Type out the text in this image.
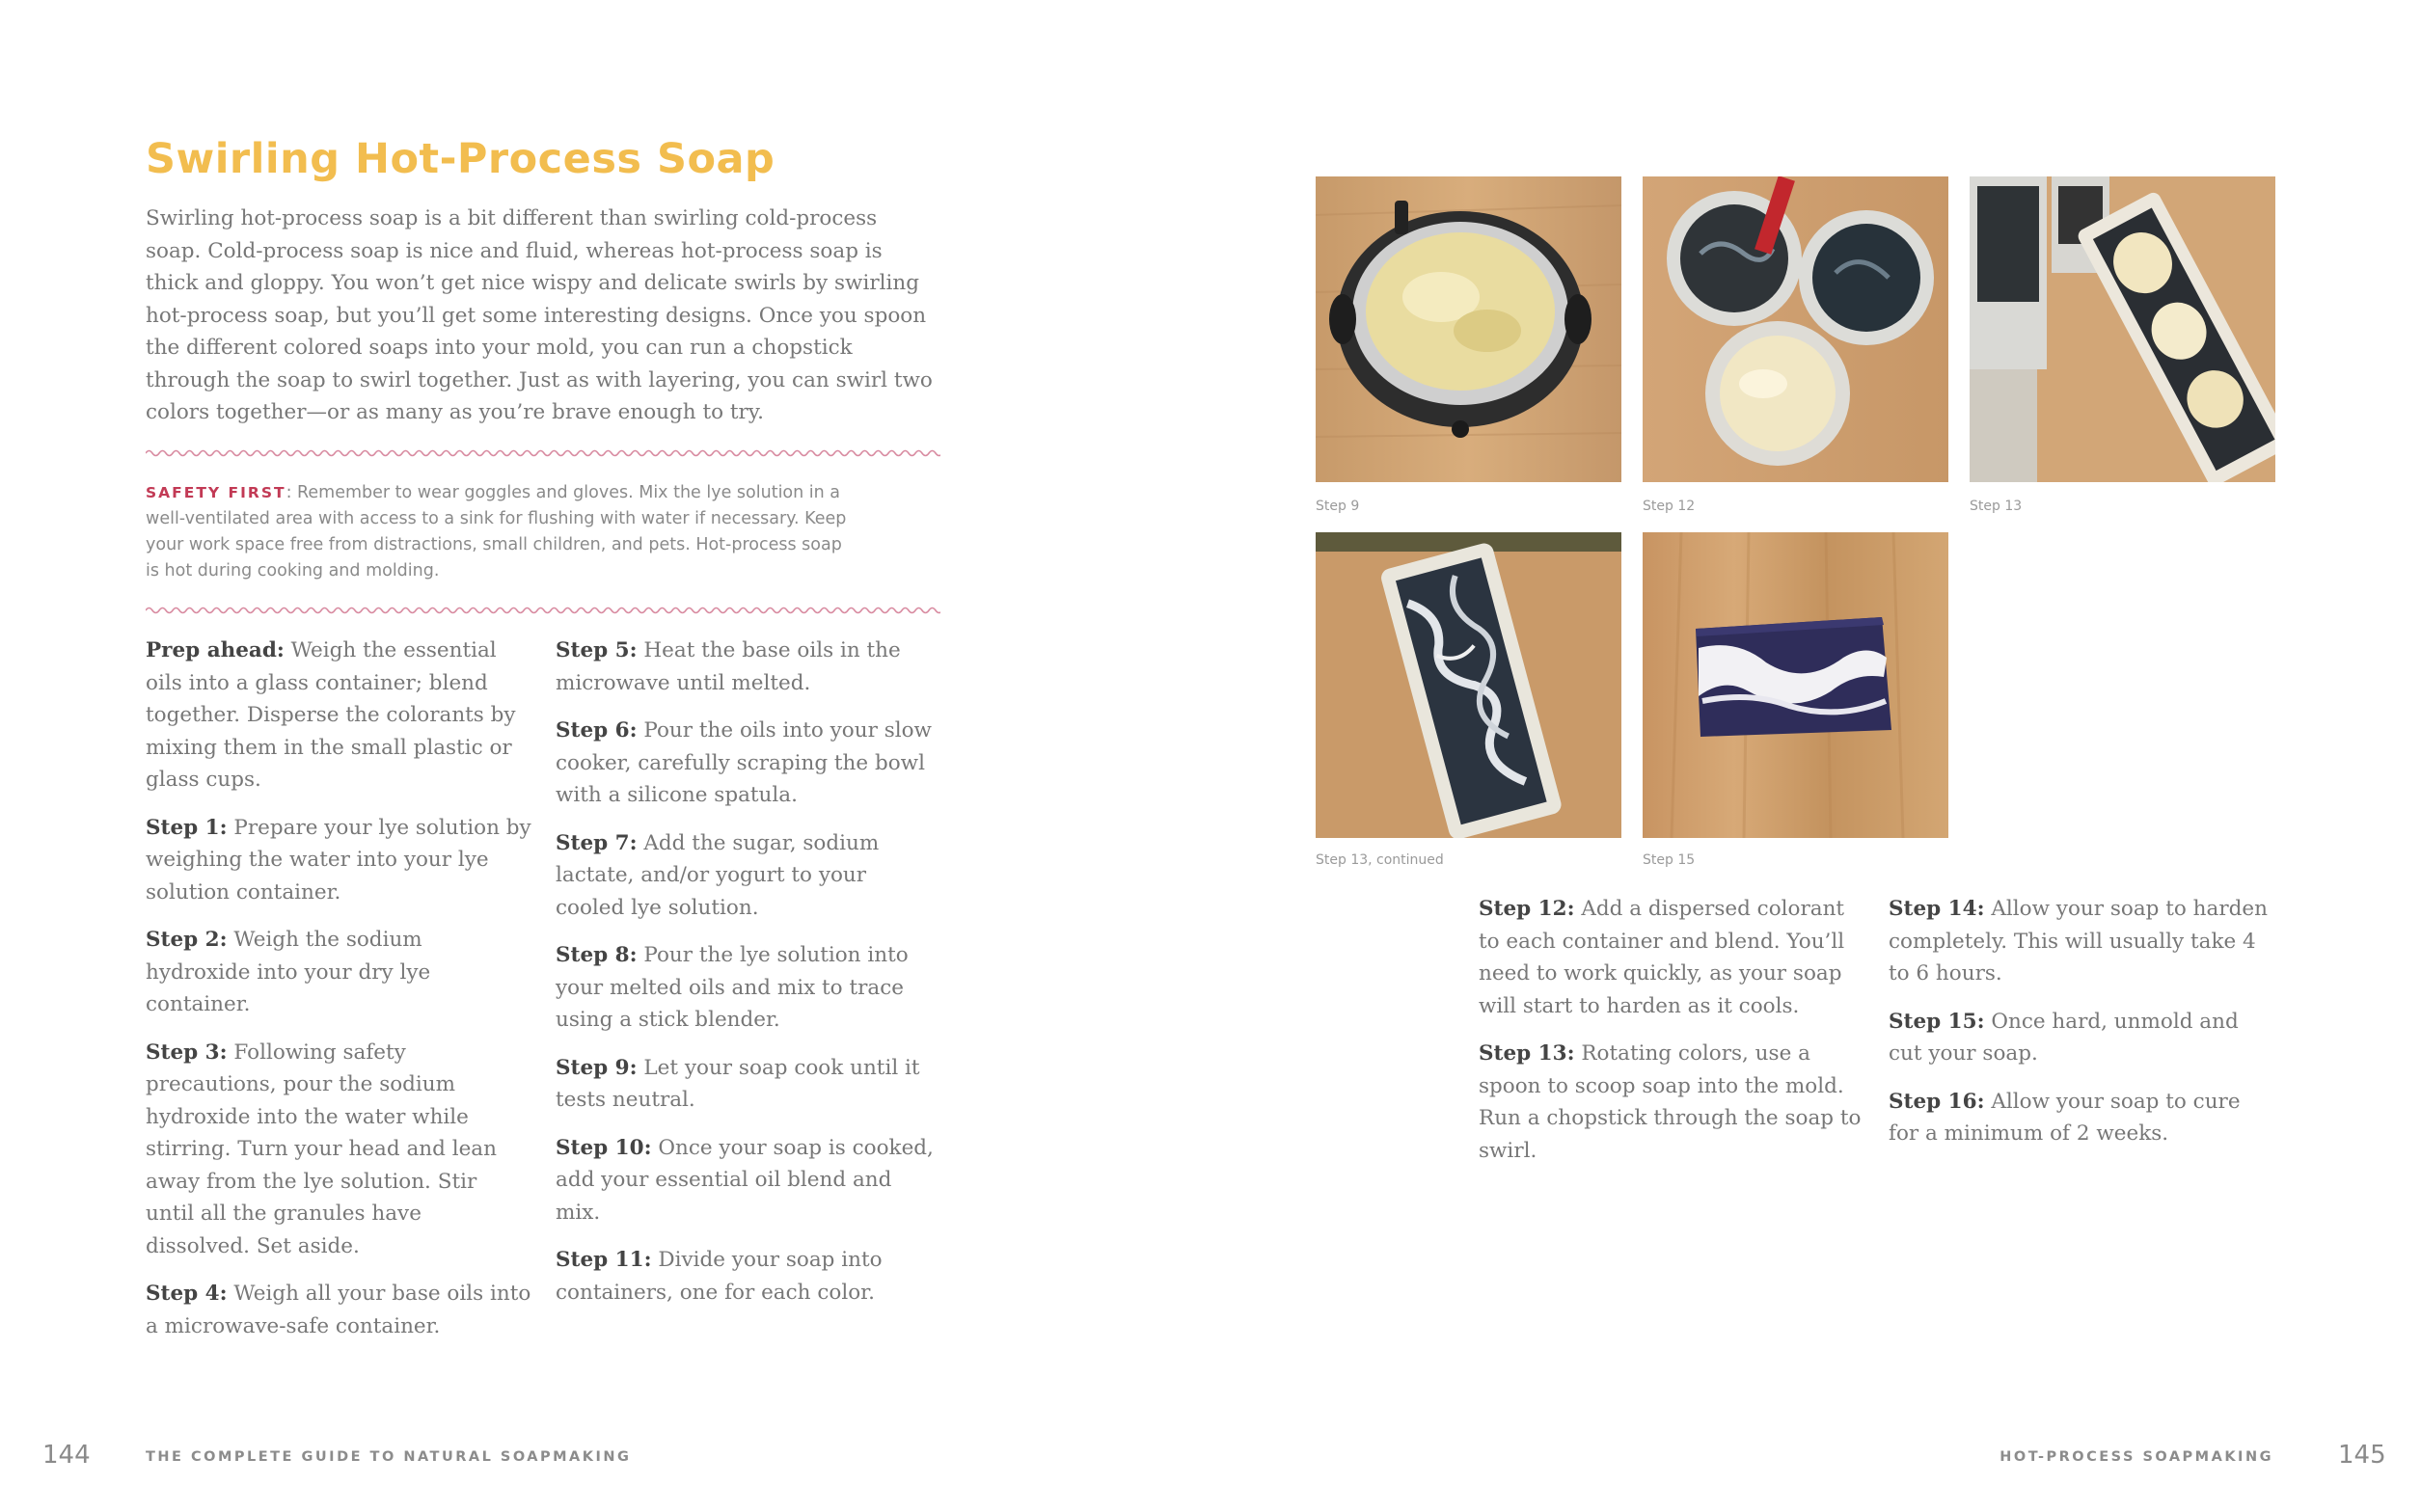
Swirling Hot-Process Soap

Swirling hot-process soap is a bit different than swirling cold-process soap. Cold-process soap is nice and fluid, whereas hot-process soap is thick and gloppy. You won’t get nice wispy and delicate swirls by swirling hot-process soap, but you’ll get some interesting designs. Once you spoon the different colored soaps into your mold, you can run a chopstick through the soap to swirl together. Just as with layering, you can swirl two colors together—or as many as you’re brave enough to try.

SAFETY FIRST: Remember to wear goggles and gloves. Mix the lye solution in a well-ventilated area with access to a sink for flushing with water if necessary. Keep your work space free from distractions, small children, and pets. Hot-process soap is hot during cooking and molding.

Prep ahead: Weigh the essential oils into a glass container; blend together. Disperse the colorants by mixing them in the small plastic or glass cups.

Step 1: Prepare your lye solution by weighing the water into your lye solution container.

Step 2: Weigh the sodium hydroxide into your dry lye container.

Step 3: Following safety precautions, pour the sodium hydroxide into the water while stirring. Turn your head and lean away from the lye solution. Stir until all the granules have dissolved. Set aside.

Step 4: Weigh all your base oils into a microwave-safe container.

Step 5: Heat the base oils in the microwave until melted.

Step 6: Pour the oils into your slow cooker, carefully scraping the bowl with a silicone spatula.

Step 7: Add the sugar, sodium lactate, and/or yogurt to your cooled lye solution.

Step 8: Pour the lye solution into your melted oils and mix to trace using a stick blender.

Step 9: Let your soap cook until it tests neutral.

Step 10: Once your soap is cooked, add your essential oil blend and mix.

Step 11: Divide your soap into containers, one for each color.

Step 9	Step 12	Step 13
Step 13, continued	Step 15

Step 12: Add a dispersed colorant to each container and blend. You’ll need to work quickly, as your soap will start to harden as it cools.

Step 13: Rotating colors, use a spoon to scoop soap into the mold. Run a chopstick through the soap to swirl.

Step 14: Allow your soap to harden completely. This will usually take 4 to 6 hours.

Step 15: Once hard, unmold and cut your soap.

Step 16: Allow your soap to cure for a minimum of 2 weeks.

144	THE COMPLETE GUIDE TO NATURAL SOAPMAKING	HOT-PROCESS SOAPMAKING	145
